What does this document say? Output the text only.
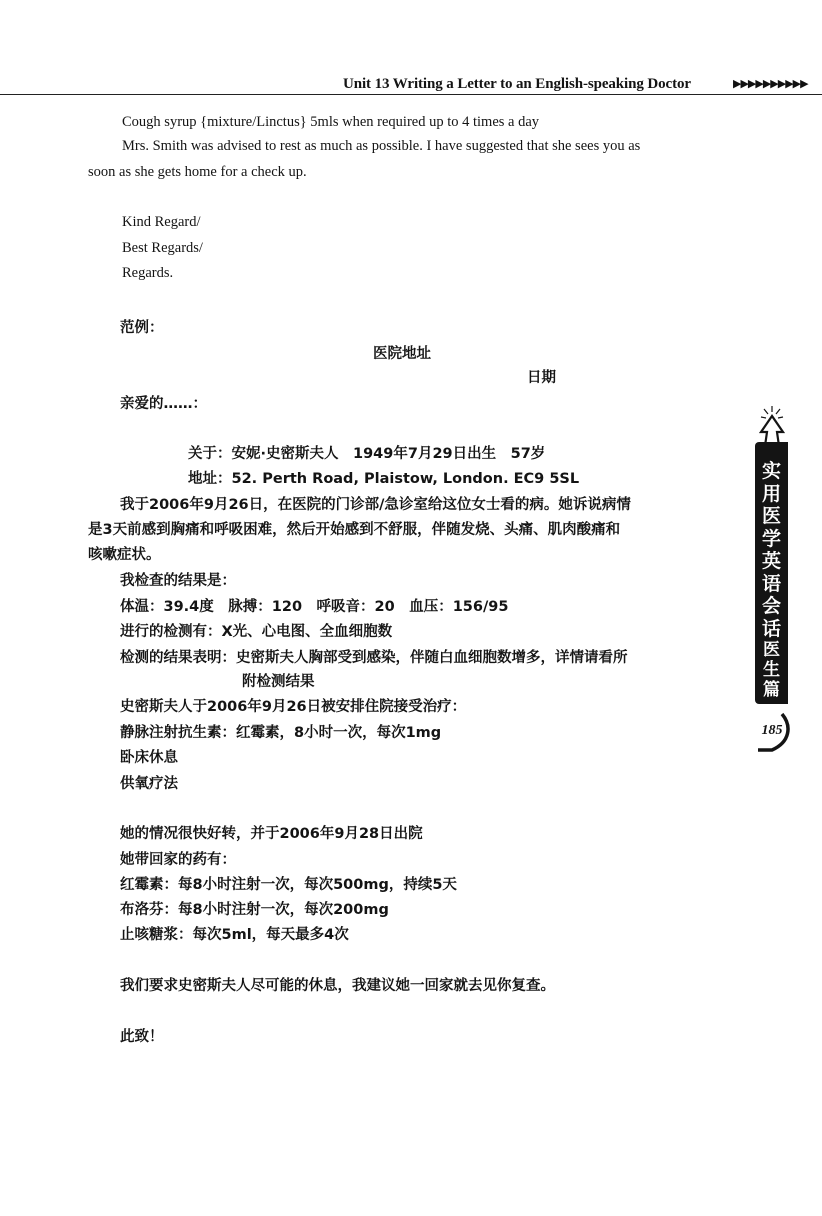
Unit 13 Writing a Letter to an English-speaking Doctor	▶▶▶▶▶▶▶▶▶▶
Cough syrup {mixture/Linctus} 5mls when required up to 4 times a day
Mrs. Smith was advised to rest as much as possible. I have suggested that she sees you as
soon as she gets home for a check up.
Kind Regard/
Best Regards/
Regards.
范例：
医院地址
日期
亲爱的……：
关于：安妮·史密斯夫人　1949年7月29日出生　57岁
地址：52. Perth Road, Plaistow, London. EC9 5SL
我于2006年9月26日，在医院的门诊部/急诊室给这位女士看的病。她诉说病情
是3天前感到胸痛和呼吸困难，然后开始感到不舒服，伴随发烧、头痛、肌肉酸痛和
咳嗽症状。
我检查的结果是：
体温：39.4度　脉搏：120　呼吸音：20　血压：156/95
进行的检测有：X光、心电图、全血细胞数
检测的结果表明：史密斯夫人胸部受到感染，伴随白血细胞数增多，详情请看所
附检测结果
史密斯夫人于2006年9月26日被安排住院接受治疗：
静脉注射抗生素：红霉素，8小时一次，每次1mg
卧床休息
供氧疗法
她的情况很快好转，并于2006年9月28日出院
她带回家的药有：
红霉素：每8小时注射一次，每次500mg，持续5天
布洛芬：每8小时注射一次，每次200mg
止咳糖浆：每次5ml，每天最多4次
我们要求史密斯夫人尽可能的休息，我建议她一回家就去见你复查。
此致！
实
用
医
学
英
语
会
话
医
生
篇
185
